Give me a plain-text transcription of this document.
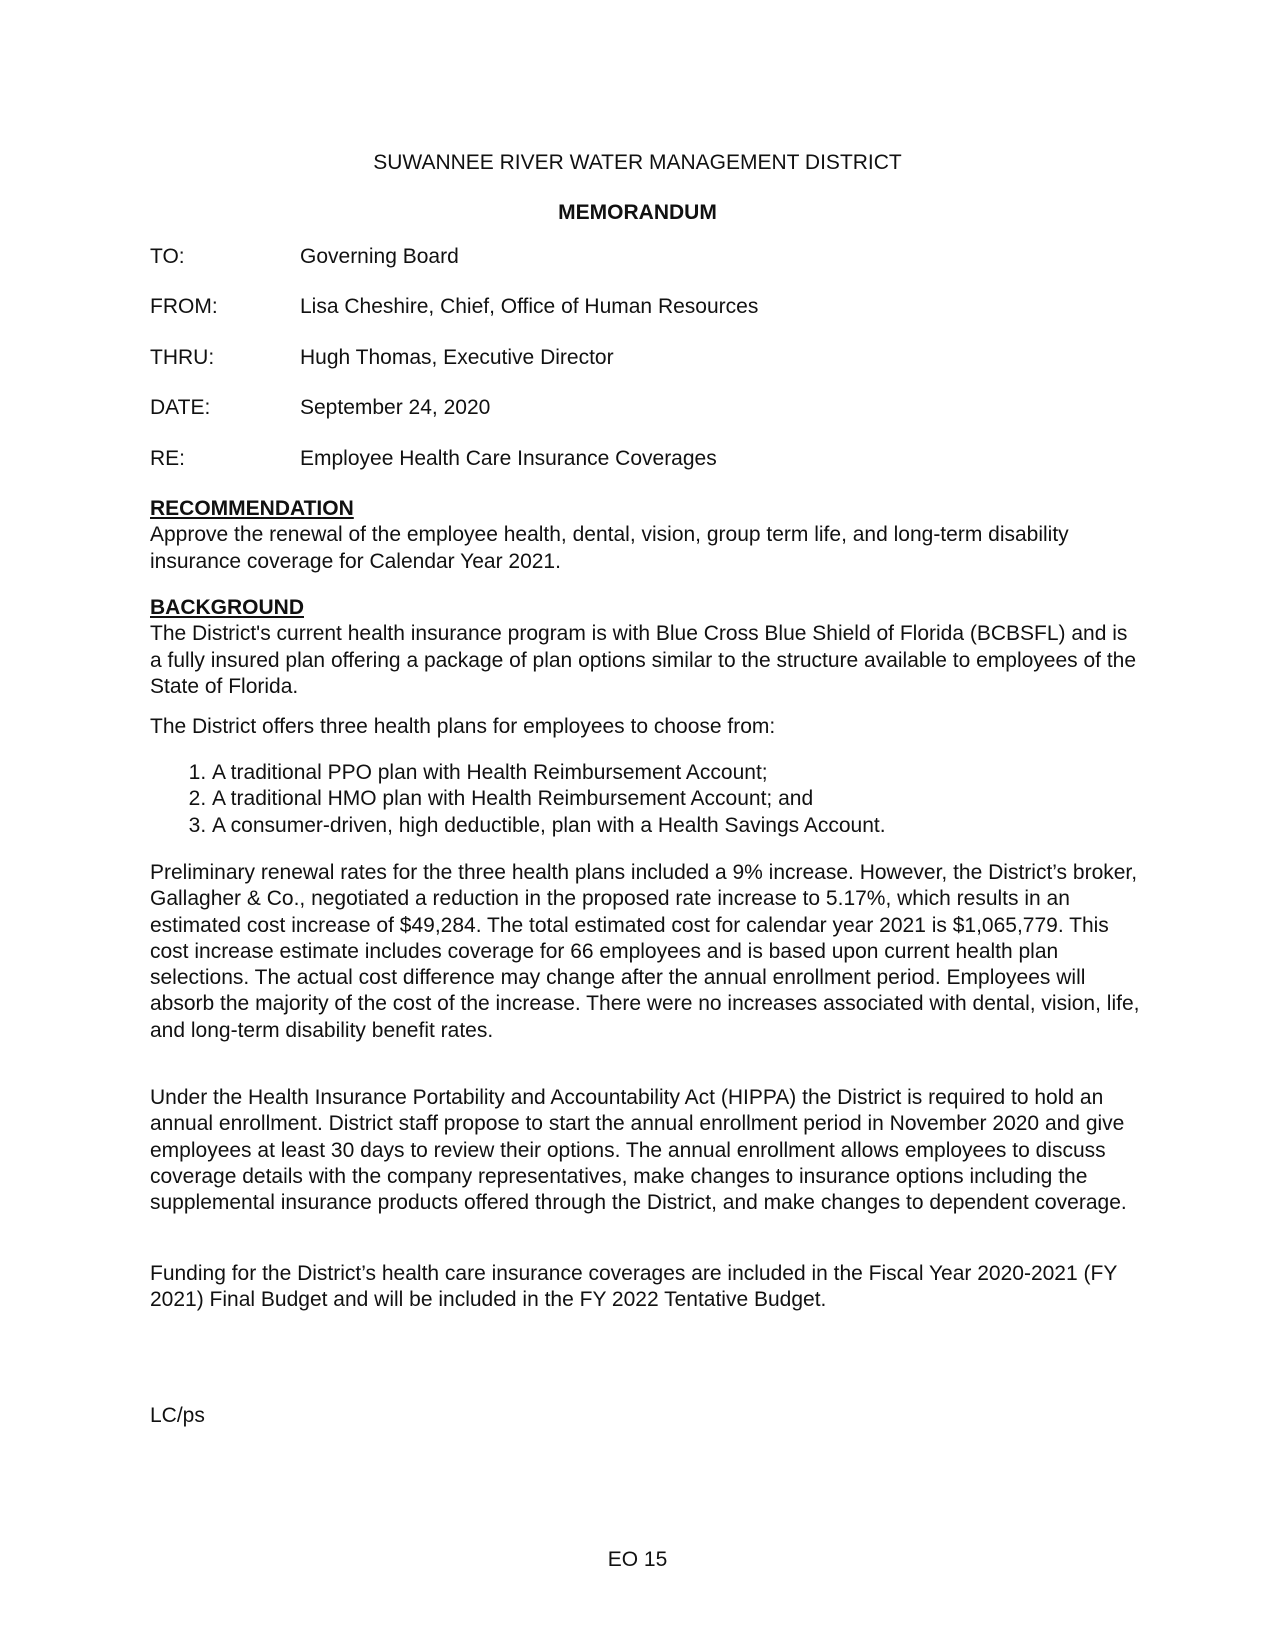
SUWANNEE RIVER WATER MANAGEMENT DISTRICT
MEMORANDUM
TO:	Governing Board
FROM:	Lisa Cheshire, Chief, Office of Human Resources
THRU:	Hugh Thomas, Executive Director
DATE:	September 24, 2020
RE:	Employee Health Care Insurance Coverages
RECOMMENDATION

Approve the renewal of the employee health, dental, vision, group term life, and long-term disability insurance coverage for Calendar Year 2021.

BACKGROUND

The District's current health insurance program is with Blue Cross Blue Shield of Florida (BCBSFL) and is a fully insured plan offering a package of plan options similar to the structure available to employees of the State of Florida.

The District offers three health plans for employees to choose from:

1. A traditional PPO plan with Health Reimbursement Account;
2. A traditional HMO plan with Health Reimbursement Account; and
3. A consumer-driven, high deductible, plan with a Health Savings Account.

Preliminary renewal rates for the three health plans included a 9% increase. However, the District’s broker, Gallagher & Co., negotiated a reduction in the proposed rate increase to 5.17%, which results in an estimated cost increase of $49,284. The total estimated cost for calendar year 2021 is $1,065,779. This cost increase estimate includes coverage for 66 employees and is based upon current health plan selections. The actual cost difference may change after the annual enrollment period. Employees will absorb the majority of the cost of the increase. There were no increases associated with dental, vision, life, and long-term disability benefit rates.

Under the Health Insurance Portability and Accountability Act (HIPPA) the District is required to hold an annual enrollment. District staff propose to start the annual enrollment period in November 2020 and give employees at least 30 days to review their options. The annual enrollment allows employees to discuss coverage details with the company representatives, make changes to insurance options including the supplemental insurance products offered through the District, and make changes to dependent coverage.

Funding for the District’s health care insurance coverages are included in the Fiscal Year 2020-2021 (FY 2021) Final Budget and will be included in the FY 2022 Tentative Budget.

LC/ps
EO 15
